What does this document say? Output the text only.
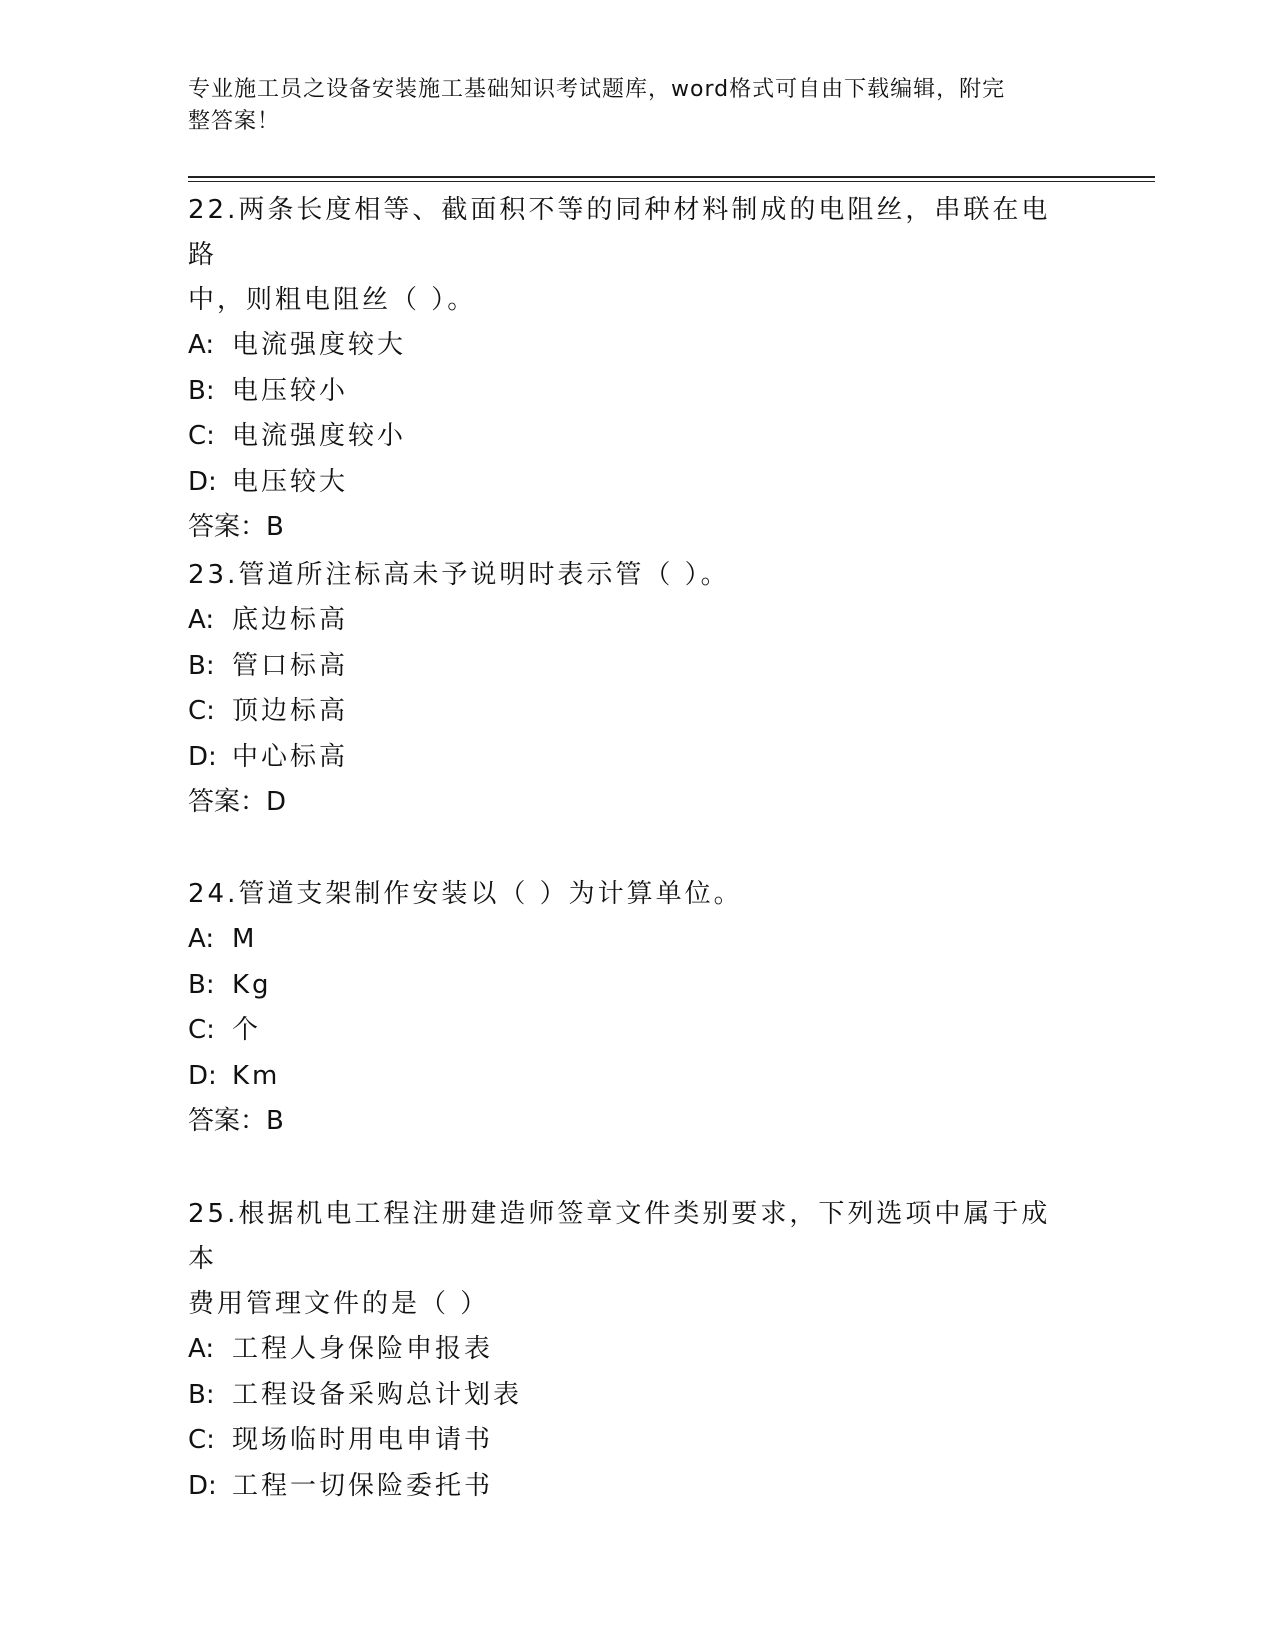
专业施工员之设备安装施工基础知识考试题库，word格式可自由下载编辑，附完
整答案！
22.两条长度相等、截面积不等的同种材料制成的电阻丝，串联在电路
中，则粗电阻丝（ ）。
A: 电流强度较大
B: 电压较小
C: 电流强度较小
D: 电压较大
答案：B
23.管道所注标高未予说明时表示管（ ）。
A: 底边标高
B: 管口标高
C: 顶边标高
D: 中心标高
答案：D
24.管道支架制作安装以（ ）为计算单位。
A: M
B: Kg
C: 个
D: Km
答案：B
25.根据机电工程注册建造师签章文件类别要求，下列选项中属于成本
费用管理文件的是（ ）
A: 工程人身保险申报表
B: 工程设备采购总计划表
C: 现场临时用电申请书
D: 工程一切保险委托书
